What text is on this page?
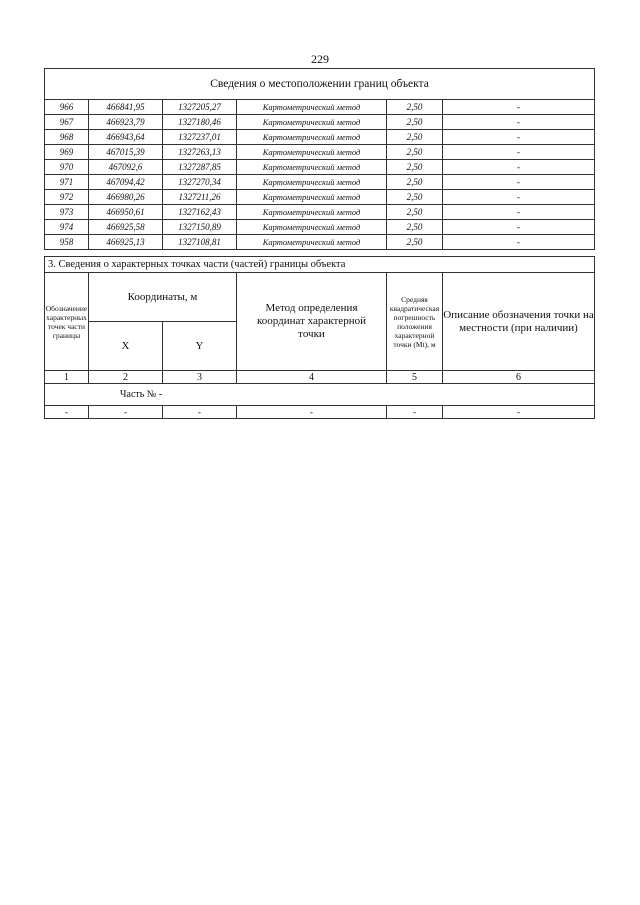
229
Сведения о местоположении границ объекта					
966	466841,95	1327205,27	Картометрический метод	2,50	-
967	466923,79	1327180,46	Картометрический метод	2,50	-
968	466943,64	1327237,01	Картометрический метод	2,50	-
969	467015,39	1327263,13	Картометрический метод	2,50	-
970	467092,6	1327287,85	Картометрический метод	2,50	-
971	467094,42	1327270,34	Картометрический метод	2,50	-
972	466980,26	1327211,26	Картометрический метод	2,50	-
973	466950,61	1327162,43	Картометрический метод	2,50	-
974	466925,58	1327150,89	Картометрический метод	2,50	-
958	466925,13	1327108,81	Картометрический метод	2,50	-
3. Сведения о характерных точках части (частей) границы объекта					
Обозначение характерных точек части границы	Координаты, м		Метод определения координат характерной точки	Средняя квадратическая погрешность положения характерной точки (Mt), м	Описание обозначения точки на местности (при наличии)
	X	Y			
1	2	3	4	5	6
Часть № -					
-	-	-	-	-	-
